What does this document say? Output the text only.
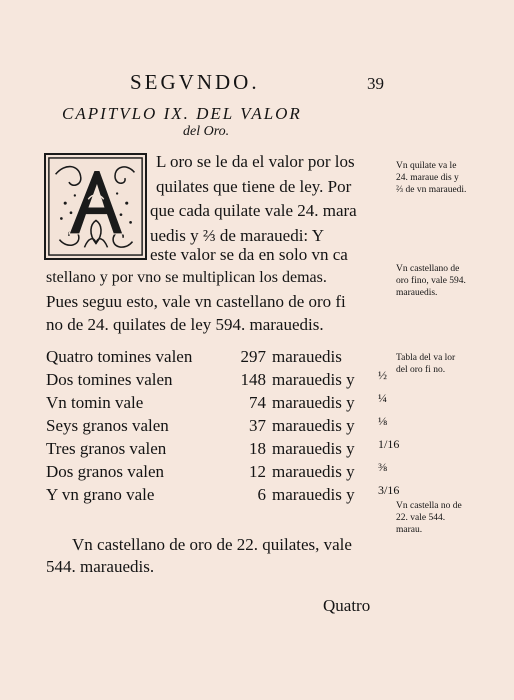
SEGVNDO.	39
CAPITVLO IX. DEL VALOR
del Oro.
L oro se le da el valor por los
quilates que tiene de ley. Por
que cada quilate vale 24. mara
uedis y ⅔ de marauedi: Y
este valor se da en solo vn ca
stellano y por vno se multiplican los demas.
Pues seguu esto, vale vn castellano de oro fi
no de 24. quilates de ley 594. marauedis.
Quatro tomines valen	297 marauedis
Dos tomines valen	148 marauedis y ½
Vn tomin vale	74 marauedis y ¼
Seys granos valen	37 marauedis y ⅛
Tres granos valen	18 marauedis y 1/16
Dos granos valen	12 marauedis y ⅜
Y vn grano vale	6 marauedis y 3/16
Vn castellano de oro de 22. quilates, vale
544. marauedis.
Quatro
Vn quilate va le 24. maraue dis y ⅔ de vn marauedi.
Vn castellano de oro fino, vale 594. marauedis.
Tabla del va lor del oro fi no.
Vn castella no de 22. vale 544. marau.
